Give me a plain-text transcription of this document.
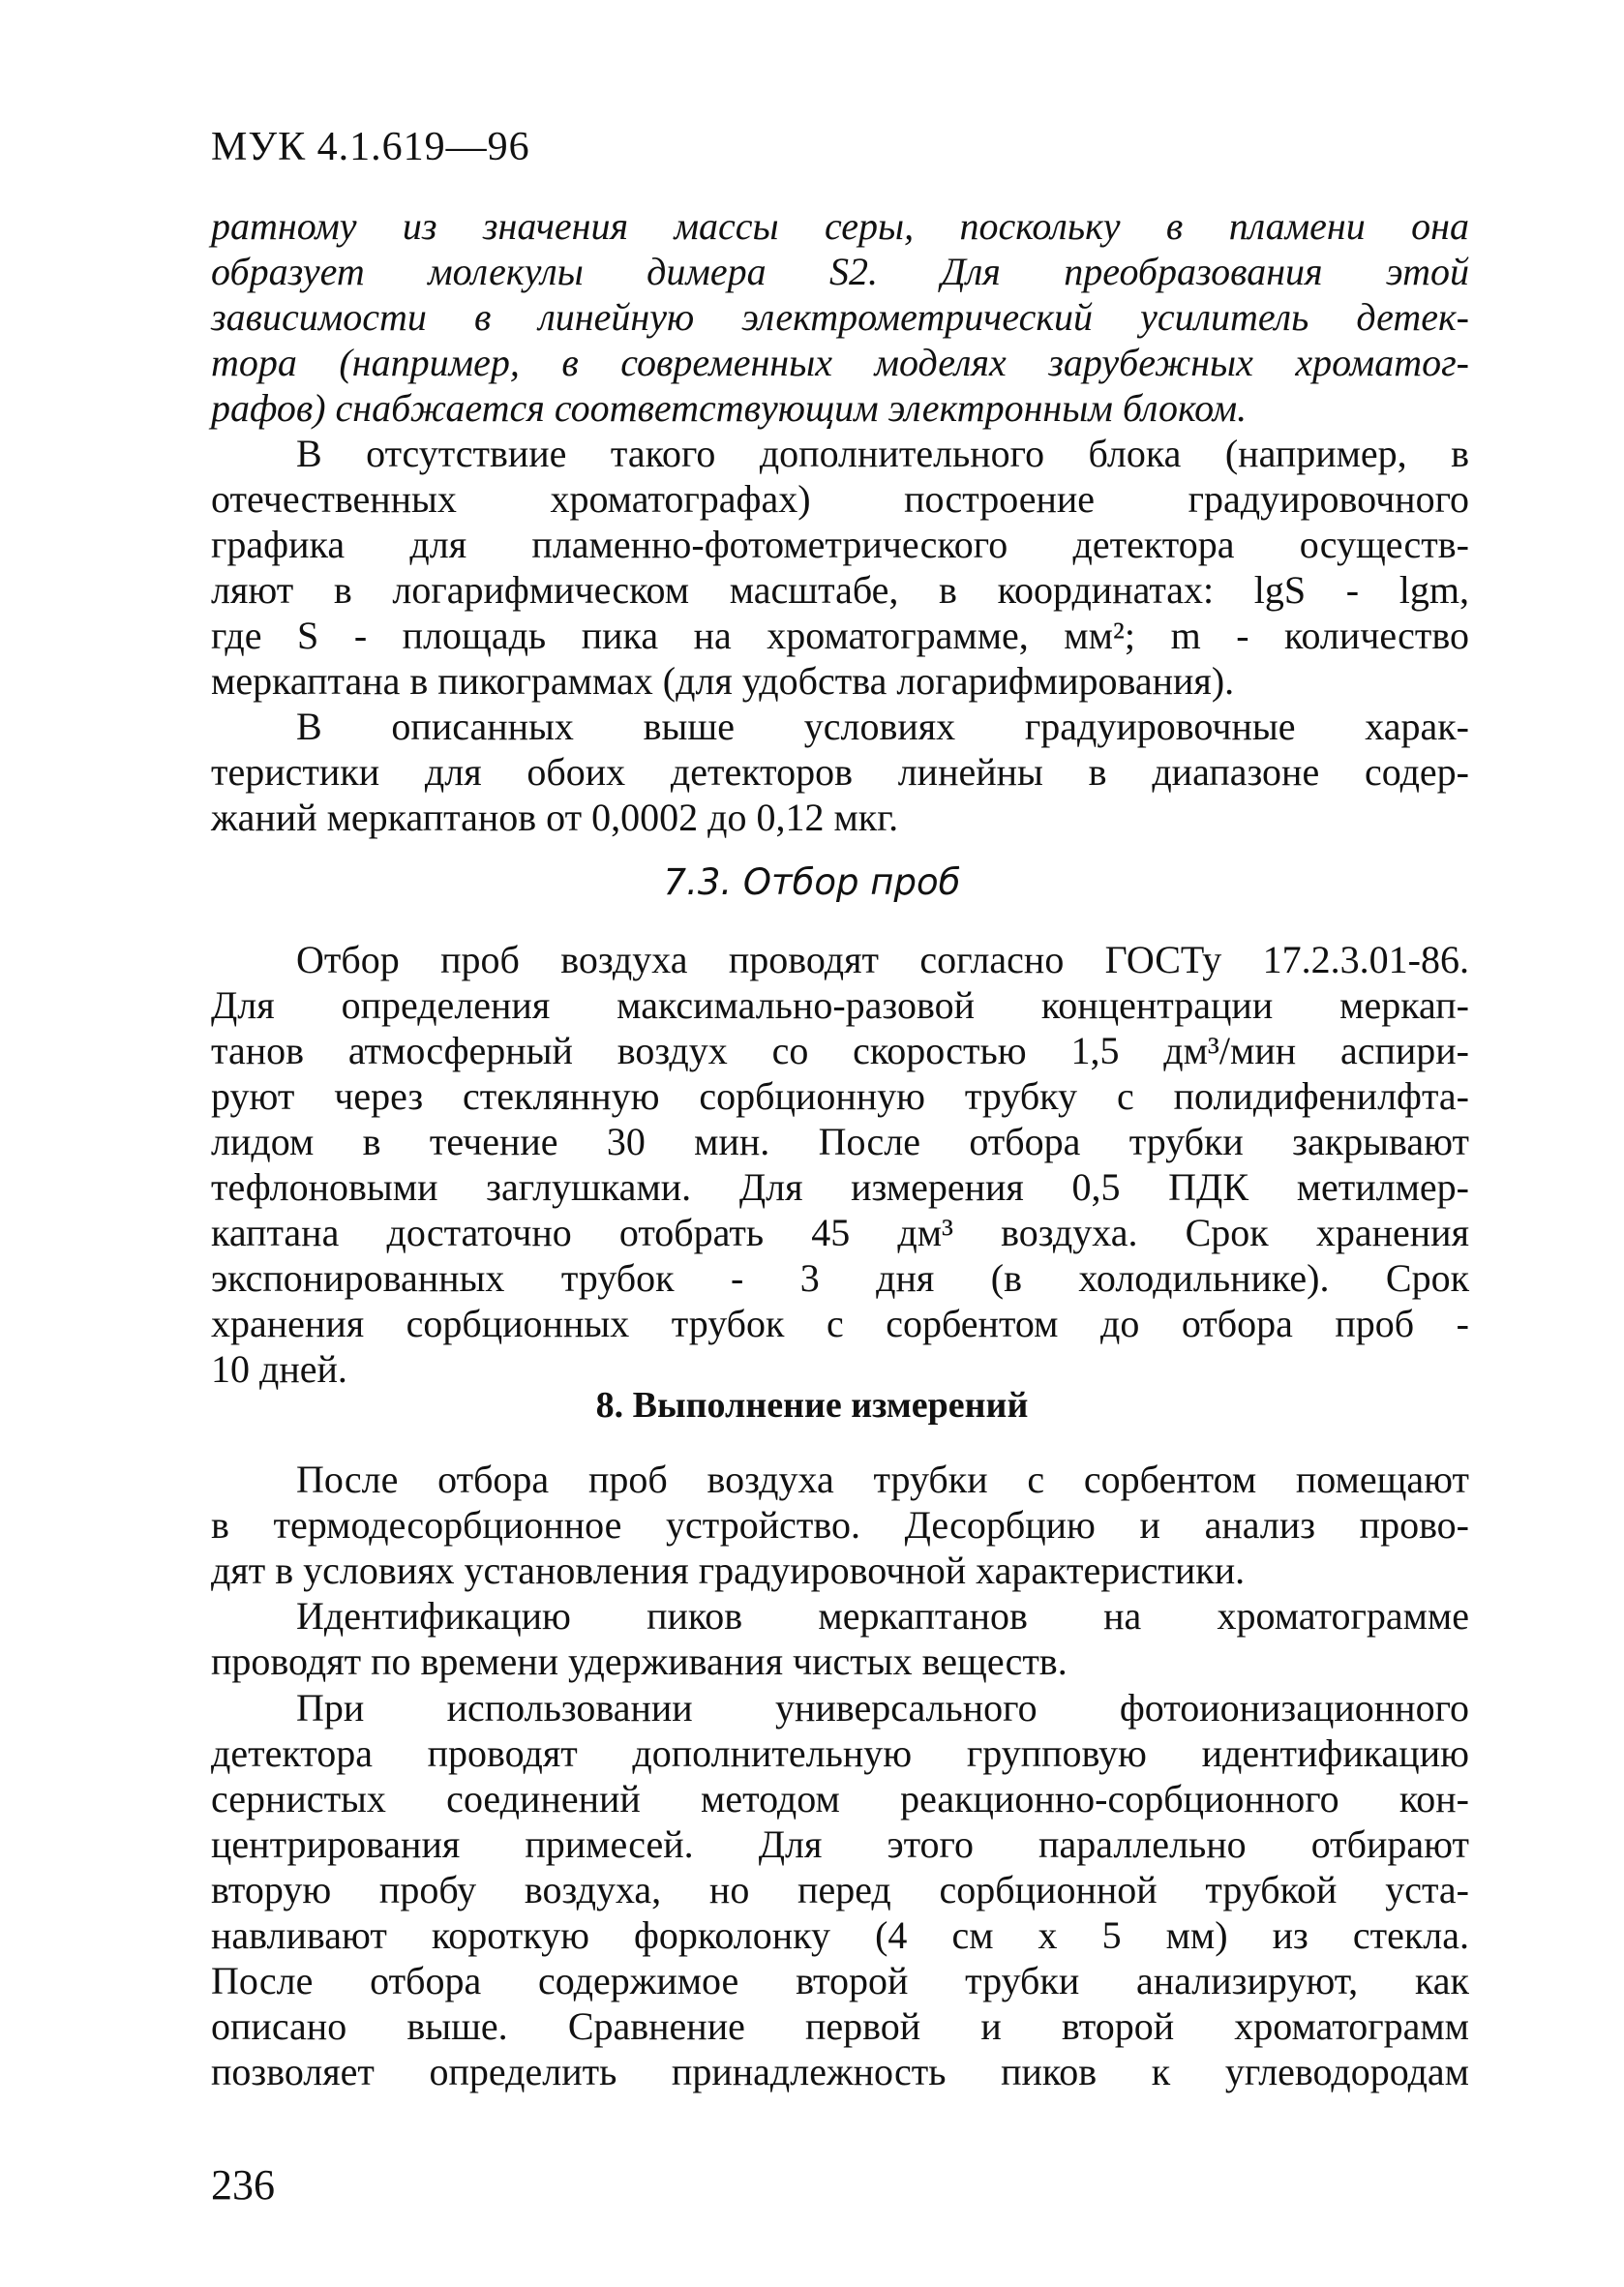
МУК 4.1.619—96
ратному из значения массы серы, поскольку в пламени она
образует молекулы димера S2. Для преобразования этой
зависимости в линейную электрометрический усилитель детек-
тора (например, в современных моделях зарубежных хроматог-
рафов) снабжается соответствующим электронным блоком.
В отсутствиие такого дополнительного блока (например, в
отечественных хроматографах) построение градуировочного
графика для пламенно-фотометрического детектора осуществ-
ляют в логарифмическом масштабе, в координатах: lgS - lgm,
где S - площадь пика на хроматограмме, мм²; m - количество
меркаптана в пикограммах (для удобства логарифмирования).
В описанных выше условиях градуировочные харак-
теристики для обоих детекторов линейны в диапазоне содер-
жаний меркаптанов от 0,0002 до 0,12 мкг.
7.3. Отбор проб
Отбор проб воздуха проводят согласно ГОСТу 17.2.3.01-86.
Для определения максимально-разовой концентрации меркап-
танов атмосферный воздух со скоростью 1,5 дм³/мин аспири-
руют через стеклянную сорбционную трубку с полидифенилфта-
лидом в течение 30 мин. После отбора трубки закрывают
тефлоновыми заглушками. Для измерения 0,5 ПДК метилмер-
каптана достаточно отобрать 45 дм³ воздуха. Срок хранения
экспонированных трубок - 3 дня (в холодильнике). Срок
хранения сорбционных трубок с сорбентом до отбора проб -
10 дней.
8. Выполнение измерений
После отбора проб воздуха трубки с сорбентом помещают
в термодесорбционное устройство. Десорбцию и анализ прово-
дят в условиях установления градуировочной характеристики.
Идентификацию пиков меркаптанов на хроматограмме
проводят по времени удерживания чистых веществ.
При использовании универсального фотоионизационного
детектора проводят дополнительную групповую идентификацию
сернистых соединений методом реакционно-сорбционного кон-
центрирования примесей. Для этого параллельно отбирают
вторую пробу воздуха, но перед сорбционной трубкой уста-
навливают короткую форколонку (4 см х 5 мм) из стекла.
После отбора содержимое второй трубки анализируют, как
описано выше. Сравнение первой и второй хроматограмм
позволяет определить принадлежность пиков к углеводородам
236
